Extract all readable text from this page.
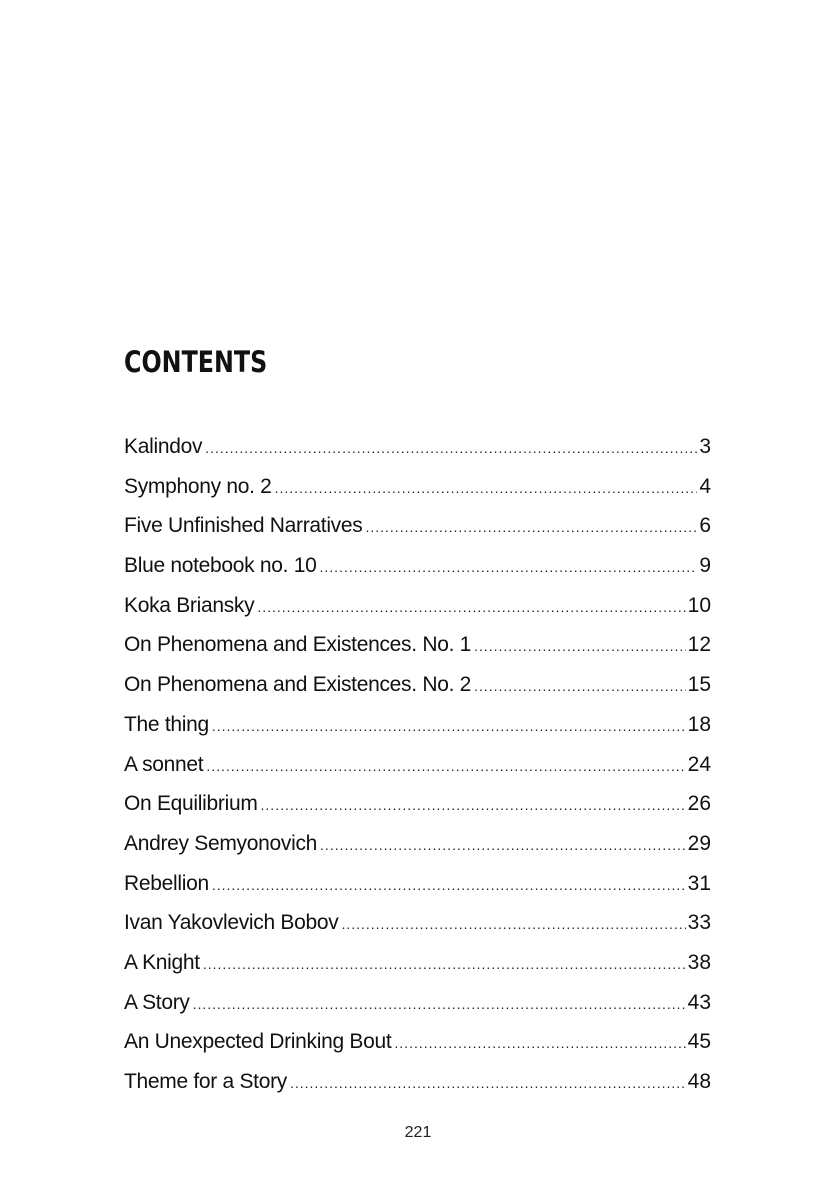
CONTENTS
Kalindov .....	3
Symphony no. 2 .....	4
Five Unfinished Narratives .....	6
Blue notebook no. 10 .....	9
Koka Briansky .....	10
On Phenomena and Existences. No. 1 .....	12
On Phenomena and Existences. No. 2 .....	15
The thing .....	18
A sonnet .....	24
On Equilibrium .....	26
Andrey Semyonovich .....	29
Rebellion .....	31
Ivan Yakovlevich Bobov .....	33
A Knight .....	38
A Story .....	43
An Unexpected Drinking Bout .....	45
Theme for a Story .....	48
221
